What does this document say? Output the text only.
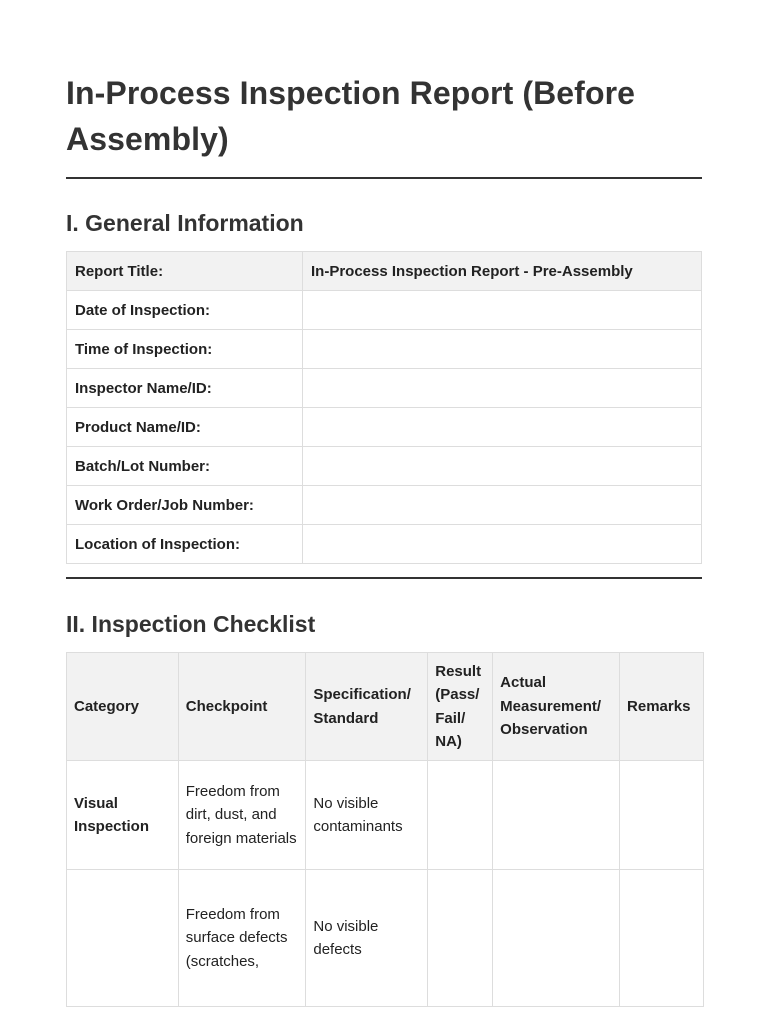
In-Process Inspection Report (Before Assembly)
I. General Information
Report Title:	In-Process Inspection Report - Pre-Assembly
Date of Inspection:	
Time of Inspection:	
Inspector Name/ID:	
Product Name/ID:	
Batch/Lot Number:	
Work Order/Job Number:	
Location of Inspection:	
II. Inspection Checklist
Category	Checkpoint	Specification/ Standard	Result (Pass/ Fail/ NA)	Actual Measurement/ Observation	Remarks
Visual Inspection	Freedom from dirt, dust, and foreign materials	No visible contaminants			
	Freedom from surface defects (scratches,	No visible defects			
